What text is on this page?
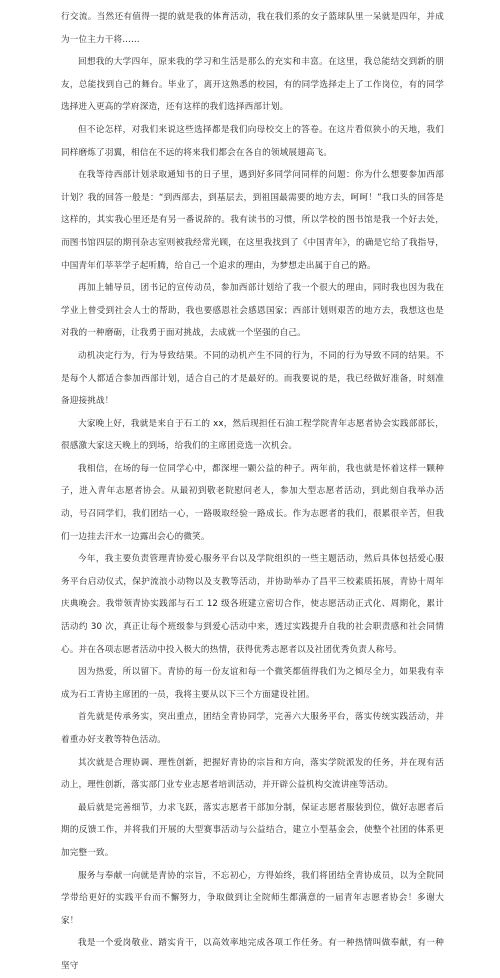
行交流。当然还有值得一提的就是我的体育活动，我在我们系的女子篮球队里一呆就是四年，并成为一位主力干将……

回想我的大学四年，原来我的学习和生活是那么的充实和丰富。在这里，我总能结交到新的朋友，总能找到自己的舞台。毕业了，离开这熟悉的校园，有的同学选择走上了工作岗位，有的同学选择进入更高的学府深造，还有这样的我们选择西部计划。

但不论怎样，对我们来说这些选择都是我们向母校交上的答卷。在这片看似狭小的天地，我们同样磨炼了羽翼，相信在不远的将来我们都会在各自的领域展翅高飞。

在我等待西部计划录取通知书的日子里，遇到好多同学问同样的问题：你为什么想要参加西部计划？我的回答一般是：“到西部去，到基层去，到祖国最需要的地方去，呵呵！”我口头的回答是这样的，其实我心里还是有另一番说辞的。我有读书的习惯，所以学校的图书馆是我一个好去处，而图书馆四层的期刊杂志室则被我经常光顾，在这里我找到了《中国青年》，的确是它给了我指导，中国青年们莘莘学子起听腾，给自己一个追求的理由，为梦想走出属于自己的路。

再加上辅导员，团书记的宣传动员，参加西部计划给了我一个很大的理由，同时我也因为我在学业上曾受到社会人士的帮助，我也要感恩社会感恩国家；西部计划则艰苦的地方去，我想这也是对我的一种磨砺，让我勇于面对挑战，去成就一个坚强的自己。

动机决定行为，行为导致结果。不同的动机产生不同的行为，不同的行为导致不同的结果。不是每个人都适合参加西部计划，适合自己的才是最好的。而我要说的是，我已经做好准备，时刻准备迎接挑战！

大家晚上好，我就是来自于石工的 xx，然后现担任石油工程学院青年志愿者协会实践部部长，很感激大家这天晚上的到场，给我们的主席团竞选一次机会。

我相信，在场的每一位同学心中，都深埋一颗公益的种子。两年前，我也就是怀着这样一颗种子，进入青年志愿者协会。从最初到敬老院慰问老人，参加大型志愿者活动，到此刻自我举办活动，号召同学们，我们团结一心，一路吸取经验一路成长。作为志愿者的我们，很累很辛苦，但我们一边挂去汗水一边露出会心的微笑。

今年，我主要负责管理青协爱心服务平台以及学院组织的一些主题活动，然后具体包括爱心服务平台启动仪式，保护流浪小动物以及支教等活动，并协助举办了昌平三校素质拓展，青协十周年庆典晚会。我带领青协实践部与石工 12 级各班建立密切合作，使志愿活动正式化、周期化，累计活动约 30 次，真正让每个班级参与到爱心活动中来，透过实践提升自我的社会职责感和社会同情心。并在各项志愿者活动中投入极大的热情，获得优秀志愿者以及社团优秀负责人称号。

因为热爱，所以留下。青协的每一份友谊和每一个微笑都值得我们为之倾尽全力，如果我有幸成为石工青协主席团的一员，我将主要从以下三个方面建设社团。

首先就是传承务实，突出重点，团结全青协同学，完善六大服务平台，落实传统实践活动，并着重办好支教等特色活动。

其次就是合理协调、理性创新，把握好青协的宗旨和方向，落实学院派发的任务，并在现有活动上，理性创新，落实部门业专业志愿者培训活动，并开辟公益机构交流讲座等活动。

最后就是完善细节，力求飞跃，落实志愿者干部加分制，保证志愿者服装到位，做好志愿者后期的反馈工作，并将我们开展的大型赛事活动与公益结合，建立小型基金会，使整个社团的体系更加完整一致。

服务与奉献一向就是青协的宗旨，不忘初心，方得始终，我们将团结全青协成员，以为全院同学带给更好的实践平台而不懈努力，争取做到让全院师生都满意的一届青年志愿者协会！多谢大家！

我是一个爱岗敬业、踏实肯干，以高效率地完成各项工作任务。有一种热情叫做奉献，有一种坚守
